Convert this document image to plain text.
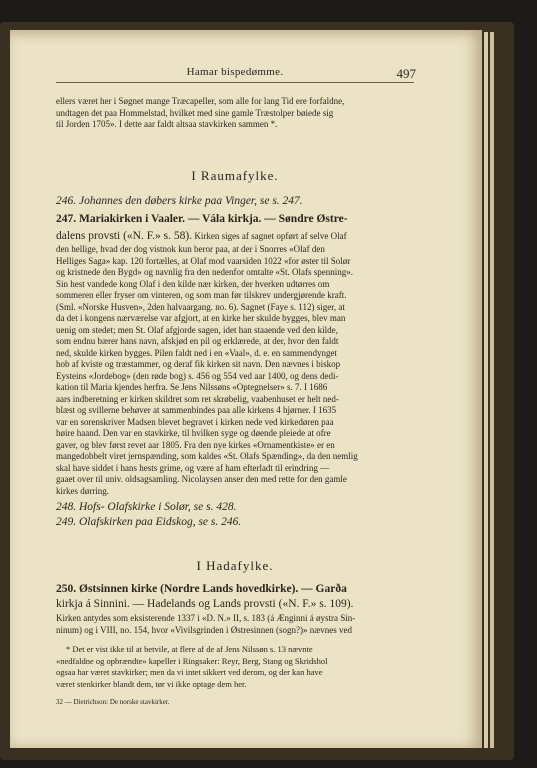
Hamar bispedømme.	497
ellers været her i Søgnet mange Træcapeller, som alle for lang Tid ere forfaldne,
undtagen det paa Hommelstad, hvilket med sine gamle Træstolper bøiede sig
til Jorden 1705». I dette aar faldt altsaa stavkirken sammen *.
I Raumafylke.
246. Johannes den døbers kirke paa Vinger, se s. 247.
247. Mariakirken i Vaaler. — Vála kirkja. — Søndre Østre-
dalens provsti («N. F.» s. 58). Kirken siges af sagnet opført af selve Olaf
den hellige, hvad der dog vistnok kun beror paa, at der i Snorres «Olaf den
Helliges Saga» kap. 120 fortælles, at Olaf mod vaarsiden 1022 «for øster til Solør
og kristnede den Bygd» og navnlig fra den nedenfor omtalte «St. Olafs spenning».
Sin hest vandede kong Olaf i den kilde nær kirken, der hverken udtørres om
sommeren eller fryser om vinteren, og som man før tilskrev undergjørende kraft.
(Sml. «Norske Husven», 2den halvaargang. no. 6). Sagnet (Faye s. 112) siger, at
da det i kongens nærværelse var afgjort, at en kirke her skulde bygges, blev man
uenig om stedet; men St. Olaf afgjorde sagen, idet han staaende ved den kilde,
som endnu bærer hans navn, afskjød en pil og erklærede, at der, hvor den faldt
ned, skulde kirken bygges. Pilen faldt ned i en «Vaal», d. e. en sammendynget
hob af kviste og træstammer, og deraf fik kirken sit navn. Den nævnes i biskop
Eysteins «Jordebog» (den røde bog) s. 456 og 554 ved aar 1400, og dens dedi-
kation til Maria kjendes herfra. Se Jens Nilssøns «Optegnelser» s. 7. I 1686
aars indberetning er kirken skildret som ret skrøbelig, vaabenhuset er helt ned-
blæst og svillerne behøver at sammenbindes paa alle kirkens 4 hjørner. I 1635
var en sorenskriver Madsen blevet begravet i kirken nede ved kirkedøren paa
høire haand. Den var en stavkirke, til hvilken syge og døende pleiede at ofre
gaver, og blev først revet aar 1805. Fra den nye kirkes «Ornamentkiste» er en
mangedobbelt viret jernspænding, som kaldes «St. Olafs Spænding», da den nemlig
skal have siddet i hans hests grime, og være af ham efterladt til erindring —
gaaet over til univ. oldsagsamling. Nicolaysen anser den med rette for den gamle
kirkes dørring.
248. Hofs- Olafskirke i Solør, se s. 428.
249. Olafskirken paa Eidskog, se s. 246.
I Hadafylke.
250. Østsinnen kirke (Nordre Lands hovedkirke). — Garða
kirkja á Sinnini. — Hadelands og Lands provsti («N. F.» s. 109).
Kirken antydes som eksisterende 1337 i «D. N.» II, s. 183 (á Ænginni á øystra Sin-
ninum) og i VIII, no. 154, hvor «Vivilsgrinden i Østresinnen (sogn?)» nævnes ved
* Det er vist ikke til at betvile, at flere af de af Jens Nilssøn s. 13 nævnte
«nedfaldne og opbrændte» kapeller i Ringsaker: Reyr, Berg, Stang og Skridshol
ogsaa har været stavkirker; men da vi intet sikkert ved derom, og der kan have
været stenkirker blandt dem, tør vi ikke optage dem her.
32 — Dietrichson: De norske stavkirker.
